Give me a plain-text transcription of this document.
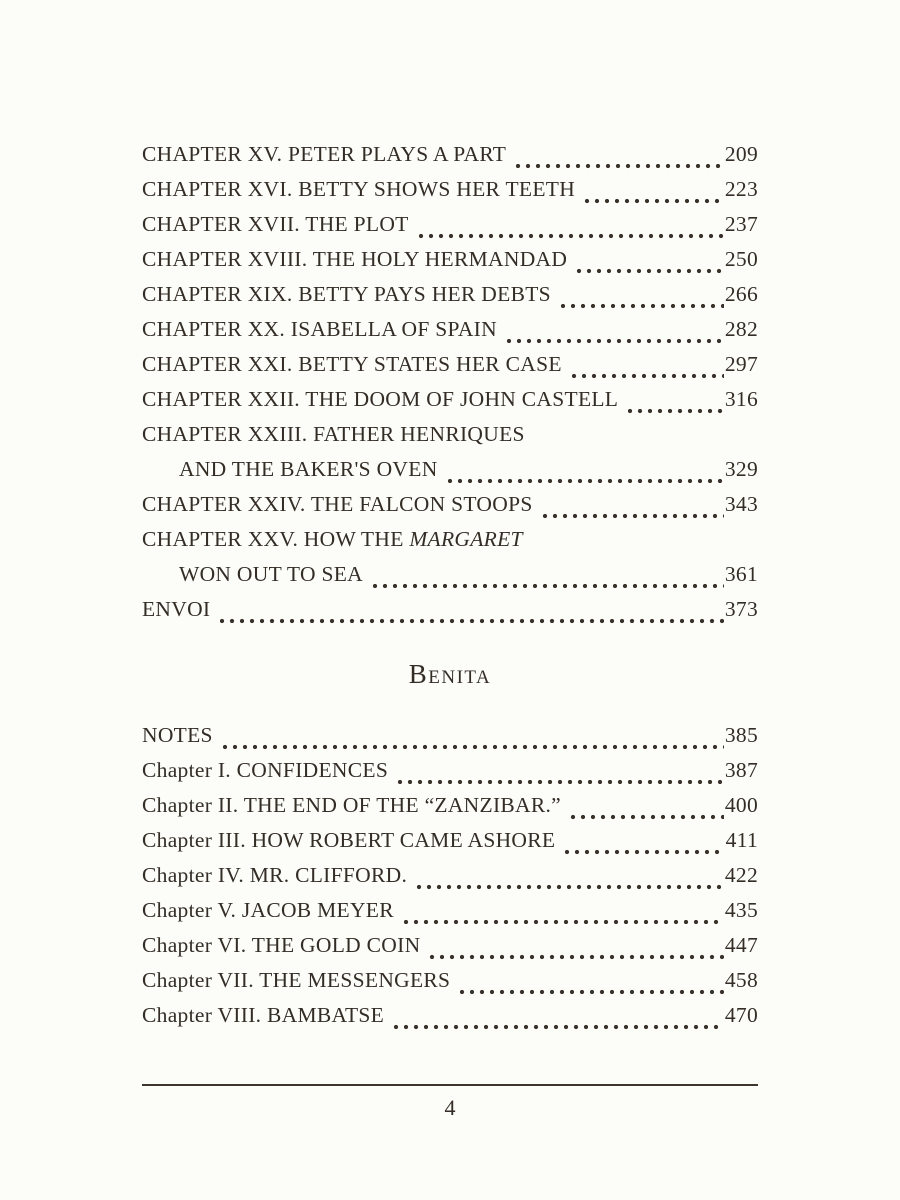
CHAPTER XV. PETER PLAYS A PART	209
CHAPTER XVI. BETTY SHOWS HER TEETH	223
CHAPTER XVII. THE PLOT	237
CHAPTER XVIII. THE HOLY HERMANDAD	250
CHAPTER XIX. BETTY PAYS HER DEBTS	266
CHAPTER XX. ISABELLA OF SPAIN	282
CHAPTER XXI. BETTY STATES HER CASE	297
CHAPTER XXII. THE DOOM OF JOHN CASTELL	316
CHAPTER XXIII. FATHER HENRIQUES
AND THE BAKER'S OVEN	329
CHAPTER XXIV. THE FALCON STOOPS	343
CHAPTER XXV. HOW THE MARGARET
WON OUT TO SEA	361
ENVOI	373
Benita
NOTES	385
Chapter I. CONFIDENCES	387
Chapter II. THE END OF THE “ZANZIBAR.”	400
Chapter III. HOW ROBERT CAME ASHORE	411
Chapter IV. MR. CLIFFORD.	422
Chapter V. JACOB MEYER	435
Chapter VI. THE GOLD COIN	447
Chapter VII. THE MESSENGERS	458
Chapter VIII. BAMBATSE	470
4
